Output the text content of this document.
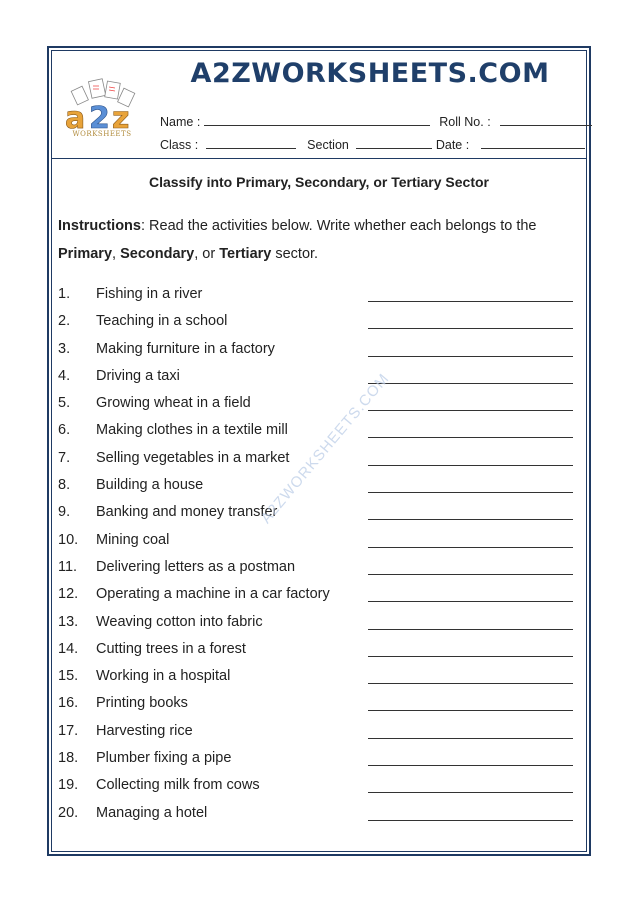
a 2 z
WORKSHEETS
A2ZWORKSHEETS.COM
Name :	Roll No. :
Class :	Section	Date :
Classify into Primary, Secondary, or Tertiary Sector
Instructions: Read the activities below. Write whether each belongs to the
Primary, Secondary, or Tertiary sector.
1. Fishing in a river
2. Teaching in a school
3. Making furniture in a factory
4. Driving a taxi
5. Growing wheat in a field
6. Making clothes in a textile mill
7. Selling vegetables in a market
8. Building a house
9. Banking and money transfer
10. Mining coal
11. Delivering letters as a postman
12. Operating a machine in a car factory
13. Weaving cotton into fabric
14. Cutting trees in a forest
15. Working in a hospital
16. Printing books
17. Harvesting rice
18. Plumber fixing a pipe
19. Collecting milk from cows
20. Managing a hotel
A2ZWORKSHEETS.COM
